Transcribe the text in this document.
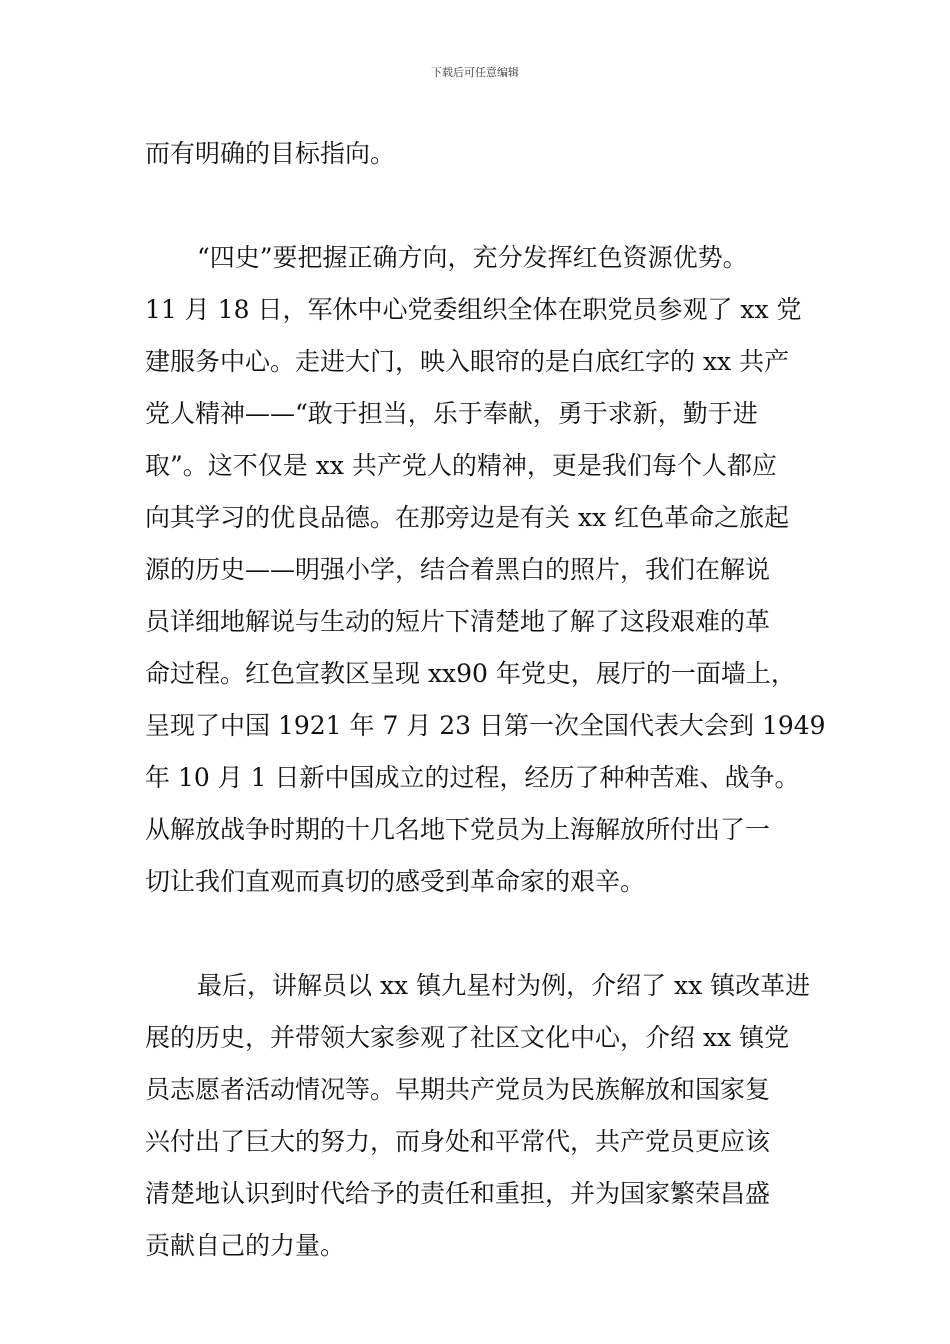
下载后可任意编辑
而有明确的目标指向。
“四史”要把握正确方向，充分发挥红色资源优势。
11 月 18 日，军休中心党委组织全体在职党员参观了 xx 党
建服务中心。走进大门，映入眼帘的是白底红字的 xx 共产
党人精神——“敢于担当，乐于奉献，勇于求新，勤于进
取”。这不仅是 xx 共产党人的精神，更是我们每个人都应
向其学习的优良品德。在那旁边是有关 xx 红色革命之旅起
源的历史——明强小学，结合着黑白的照片，我们在解说
员详细地解说与生动的短片下清楚地了解了这段艰难的革
命过程。红色宣教区呈现 xx90 年党史，展厅的一面墙上，
呈现了中国 1921 年 7 月 23 日第一次全国代表大会到 1949
年 10 月 1 日新中国成立的过程，经历了种种苦难、战争。
从解放战争时期的十几名地下党员为上海解放所付出了一
切让我们直观而真切的感受到革命家的艰辛。
最后，讲解员以 xx 镇九星村为例，介绍了 xx 镇改革进
展的历史，并带领大家参观了社区文化中心，介绍 xx 镇党
员志愿者活动情况等。早期共产党员为民族解放和国家复
兴付出了巨大的努力，而身处和平常代，共产党员更应该
清楚地认识到时代给予的责任和重担，并为国家繁荣昌盛
贡献自己的力量。
